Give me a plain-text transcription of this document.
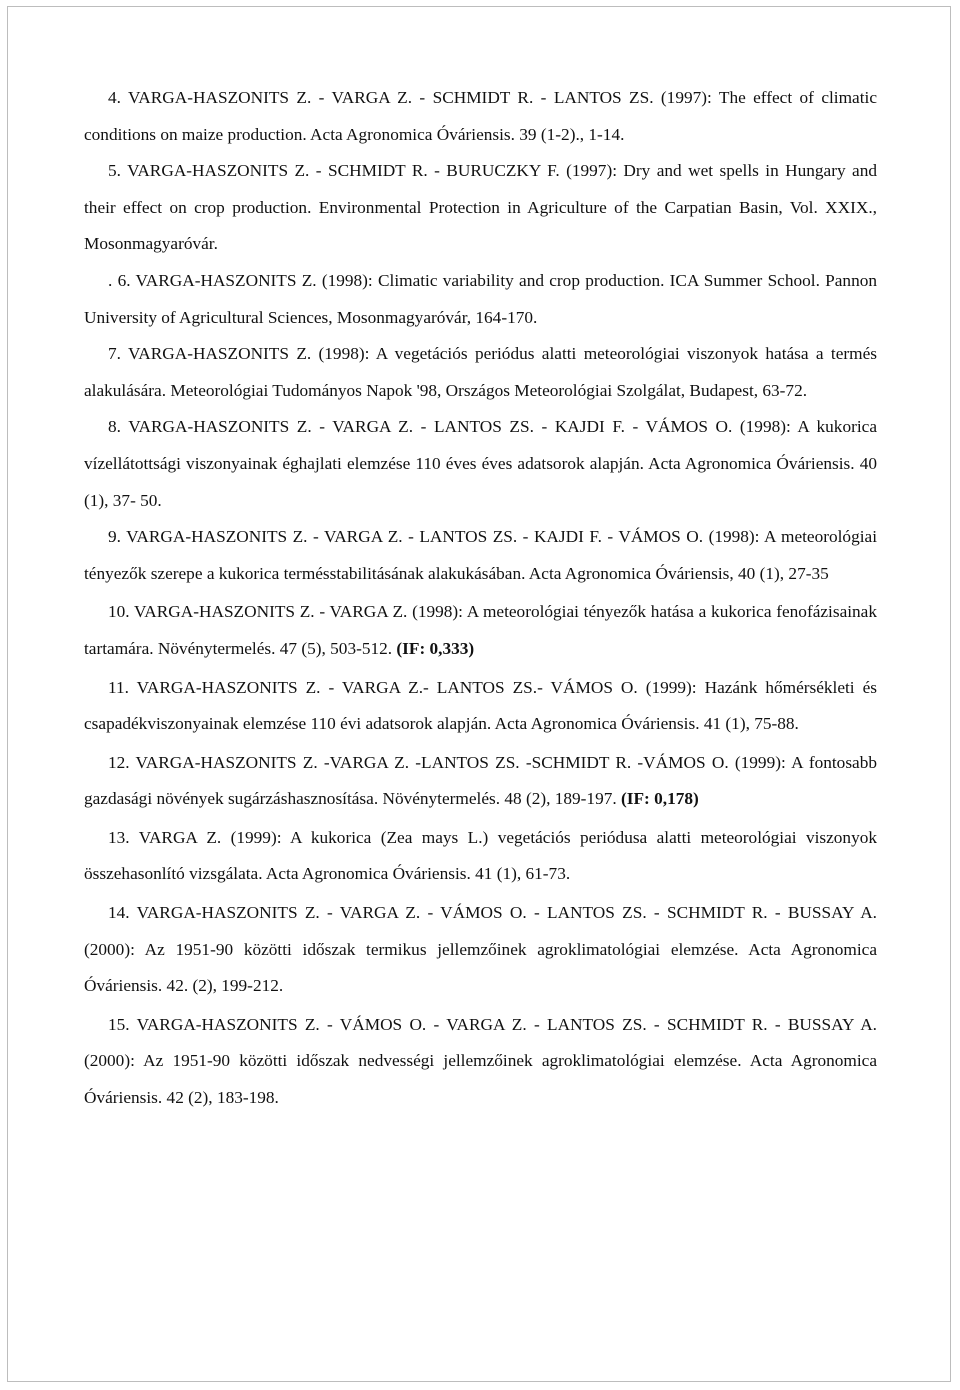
4. VARGA-HASZONITS Z. - VARGA Z. - SCHMIDT R. - LANTOS ZS. (1997): The effect of climatic conditions on maize production. Acta Agronomica Óváriensis. 39 (1-2)., 1-14.

5. VARGA-HASZONITS Z. - SCHMIDT R. - BURUCZKY F. (1997): Dry and wet spells in Hungary and their effect on crop production. Environmental Protection in Agriculture of the Carpatian Basin, Vol. XXIX., Mosonmagyaróvár.

. 6. VARGA-HASZONITS Z. (1998): Climatic variability and crop production. ICA Summer School. Pannon University of Agricultural Sciences, Mosonmagyaróvár, 164-170.

7. VARGA-HASZONITS Z. (1998): A vegetációs periódus alatti meteorológiai viszonyok hatása a termés alakulására. Meteorológiai Tudományos Napok '98, Országos Meteorológiai Szolgálat, Budapest, 63-72.

8. VARGA-HASZONITS Z. - VARGA Z. - LANTOS ZS. - KAJDI F. - VÁMOS O. (1998): A kukorica vízellátottsági viszonyainak éghajlati elemzése 110 éves éves adatsorok alapján. Acta Agronomica Óváriensis. 40 (1), 37- 50.

9. VARGA-HASZONITS Z. - VARGA Z. - LANTOS ZS. - KAJDI F. - VÁMOS O. (1998): A meteorológiai tényezők szerepe a kukorica termésstabilitásának alakukásában. Acta Agronomica Óváriensis, 40 (1), 27-35

10. VARGA-HASZONITS Z. - VARGA Z. (1998): A meteorológiai tényezők hatása a kukorica fenofázisainak tartamára. Növénytermelés. 47 (5), 503-512. (IF: 0,333)

11. VARGA-HASZONITS Z. - VARGA Z.- LANTOS ZS.- VÁMOS O. (1999): Hazánk hőmérsékleti és csapadékviszonyainak elemzése 110 évi adatsorok alapján. Acta Agronomica Óváriensis. 41 (1), 75-88.

12. VARGA-HASZONITS Z. -VARGA Z. -LANTOS ZS. -SCHMIDT R. -VÁMOS O. (1999): A fontosabb gazdasági növények sugárzáshasznosítása. Növénytermelés. 48 (2), 189-197. (IF: 0,178)

13. VARGA Z. (1999): A kukorica (Zea mays L.) vegetációs periódusa alatti meteorológiai viszonyok összehasonlító vizsgálata. Acta Agronomica Óváriensis. 41 (1), 61-73.

14. VARGA-HASZONITS Z. - VARGA Z. - VÁMOS O. - LANTOS ZS. - SCHMIDT R. - BUSSAY A. (2000): Az 1951-90 közötti időszak termikus jellemzőinek agroklimatológiai elemzése. Acta Agronomica Óváriensis. 42. (2), 199-212.

15. VARGA-HASZONITS Z. - VÁMOS O. - VARGA Z. - LANTOS ZS. - SCHMIDT R. - BUSSAY A. (2000): Az 1951-90 közötti időszak nedvességi jellemzőinek agroklimatológiai elemzése. Acta Agronomica Óváriensis. 42 (2), 183-198.
